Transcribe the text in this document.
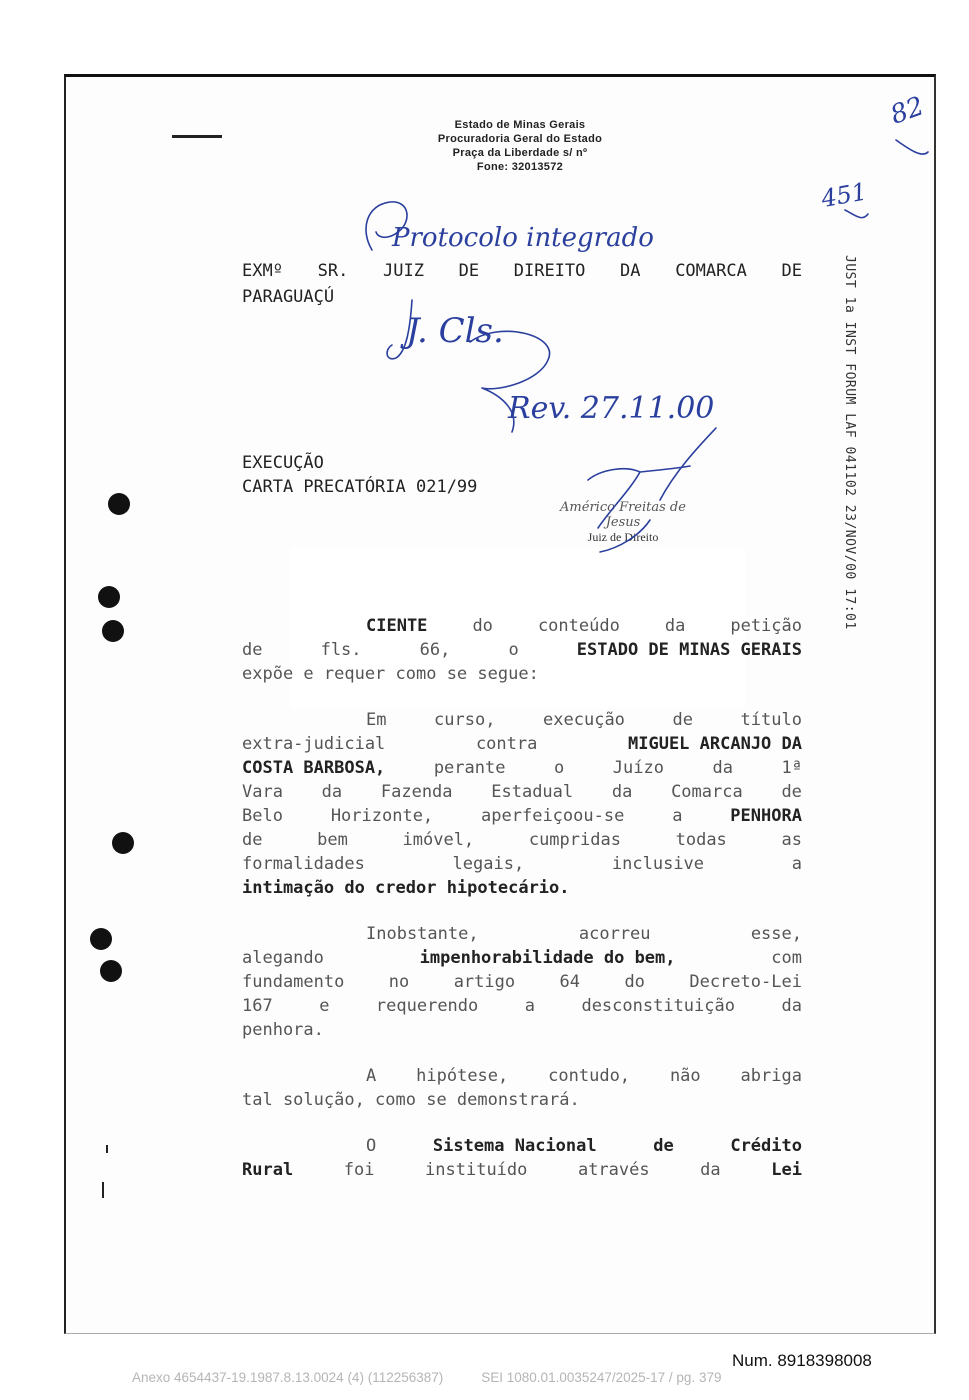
Estado de Minas Gerais
Procuradoria Geral do Estado
Praça da Liberdade s/ nº
Fone: 32013572
EXMº SR. JUIZ DE DIREITO DA COMARCA DE
PARAGUAÇÚ
EXECUÇÃO
CARTA PRECATÓRIA 021/99
Américo Freitas de Jesus
Juiz de Direito
CIENTE	do	conteúdo	da	petição
de	fls.	66,	o	ESTADO DE MINAS GERAIS
expõe e requer como se segue:
Em	curso,	execução	de	título
extra-judicial	contra	MIGUEL ARCANJO DA
COSTA BARBOSA,	perante	o	Juízo	da	1ª
Vara da Fazenda Estadual da Comarca de
Belo	Horizonte,	aperfeiçoou-se	a	PENHORA
de	bem	imóvel,	cumpridas	todas	as
formalidades	legais,	inclusive	a
intimação do credor hipotecário.
Inobstante,	acorreu	esse,
alegando	impenhorabilidade do bem,	com
fundamento	no	artigo	64	do	Decreto-Lei
167	e	requerendo	a	desconstituição	da
penhora.
A hipótese, contudo, não abriga
tal solução, como se demonstrará.
O	Sistema Nacional	de	Crédito
Rural	foi	instituído	através	da	Lei
JUST 1a INST FORUM LAF 041102 23/NOV/00 17:01
Protocolo integrado
J. Cls.
Rev. 27.11.00
451
82
Num. 8918398008
Anexo 4654437-19.1987.8.13.0024 (4) (112256387)	SEI 1080.01.0035247/2025-17 / pg. 379
